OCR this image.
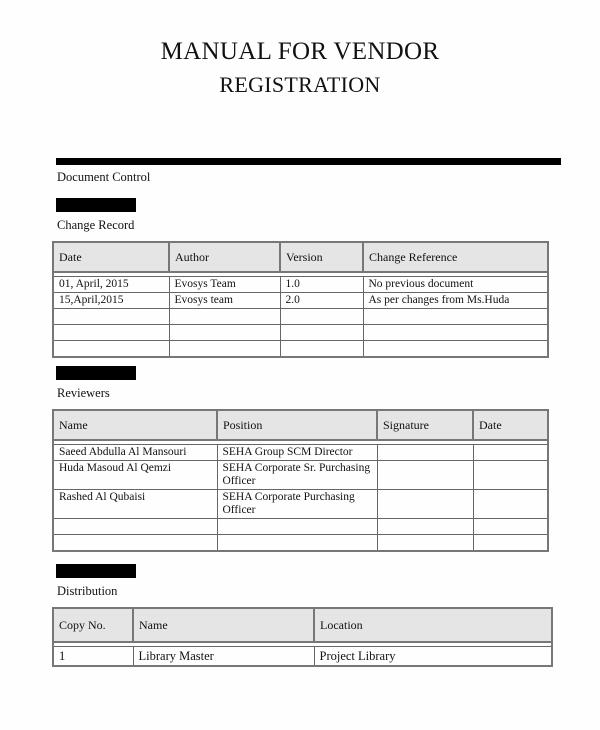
MANUAL FOR VENDOR
REGISTRATION
Document Control
Change Record
Date	Author	Version	Change Reference

01, April, 2015	Evosys Team	1.0	No previous document
15,April,2015	Evosys team	2.0	As per changes from Ms.Huda

Reviewers
Name	Position	Signature	Date

Saeed Abdulla Al Mansouri	SEHA Group SCM Director		
Huda Masoud Al Qemzi	SEHA Corporate Sr. Purchasing Officer		
Rashed Al Qubaisi	SEHA Corporate Purchasing Officer		

Distribution
Copy No.	Name	Location

1	Library Master	Project Library
